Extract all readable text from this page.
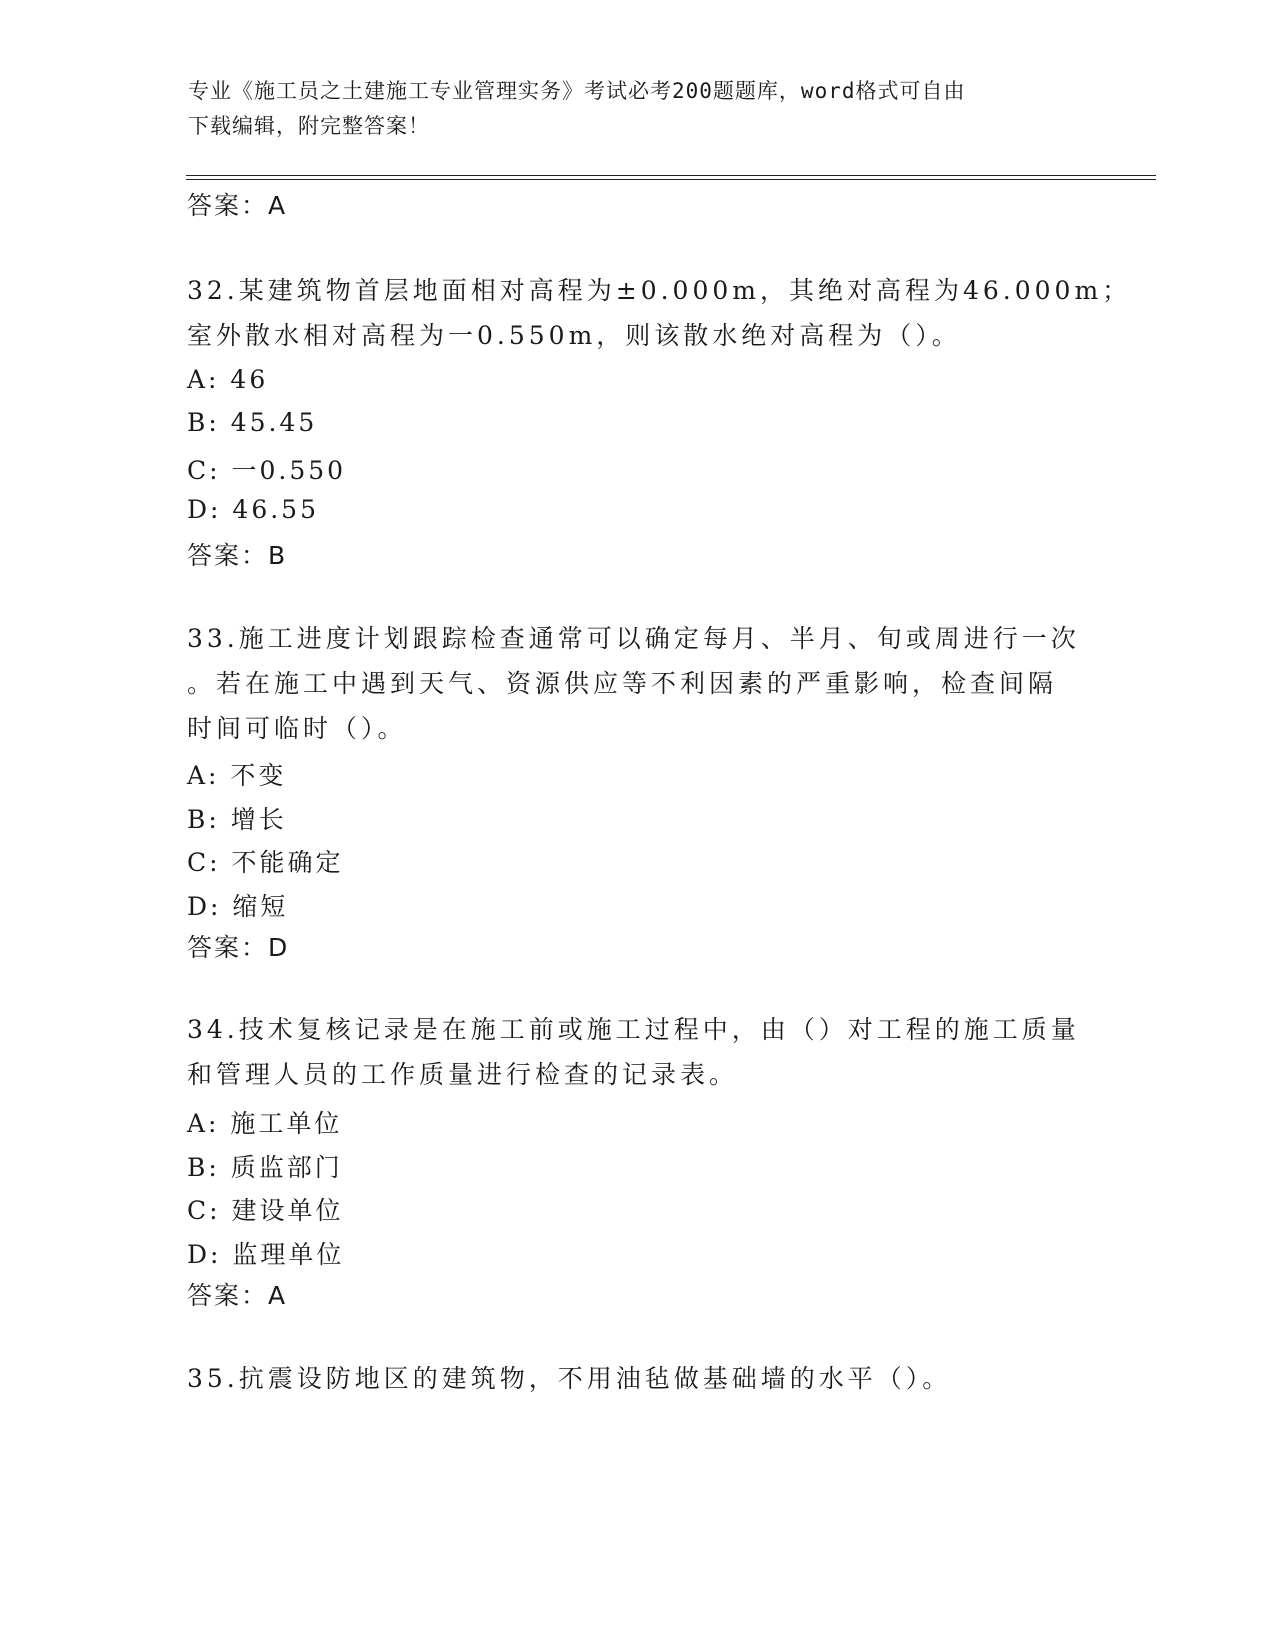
专业《施工员之土建施工专业管理实务》考试必考200题题库，word格式可自由
下载编辑，附完整答案！
答案：A
32.某建筑物首层地面相对高程为±0.000m，其绝对高程为46.000m；
室外散水相对高程为一0.550m，则该散水绝对高程为（）。
A: 46
B: 45.45
C: 一0.550
D: 46.55
答案：B
33.施工进度计划跟踪检查通常可以确定每月、半月、旬或周进行一次
。若在施工中遇到天气、资源供应等不利因素的严重影响，检查间隔
时间可临时（）。
A: 不变
B: 增长
C: 不能确定
D: 缩短
答案：D
34.技术复核记录是在施工前或施工过程中，由（）对工程的施工质量
和管理人员的工作质量进行检查的记录表。
A: 施工单位
B: 质监部门
C: 建设单位
D: 监理单位
答案：A
35.抗震设防地区的建筑物，不用油毡做基础墙的水平（）。
